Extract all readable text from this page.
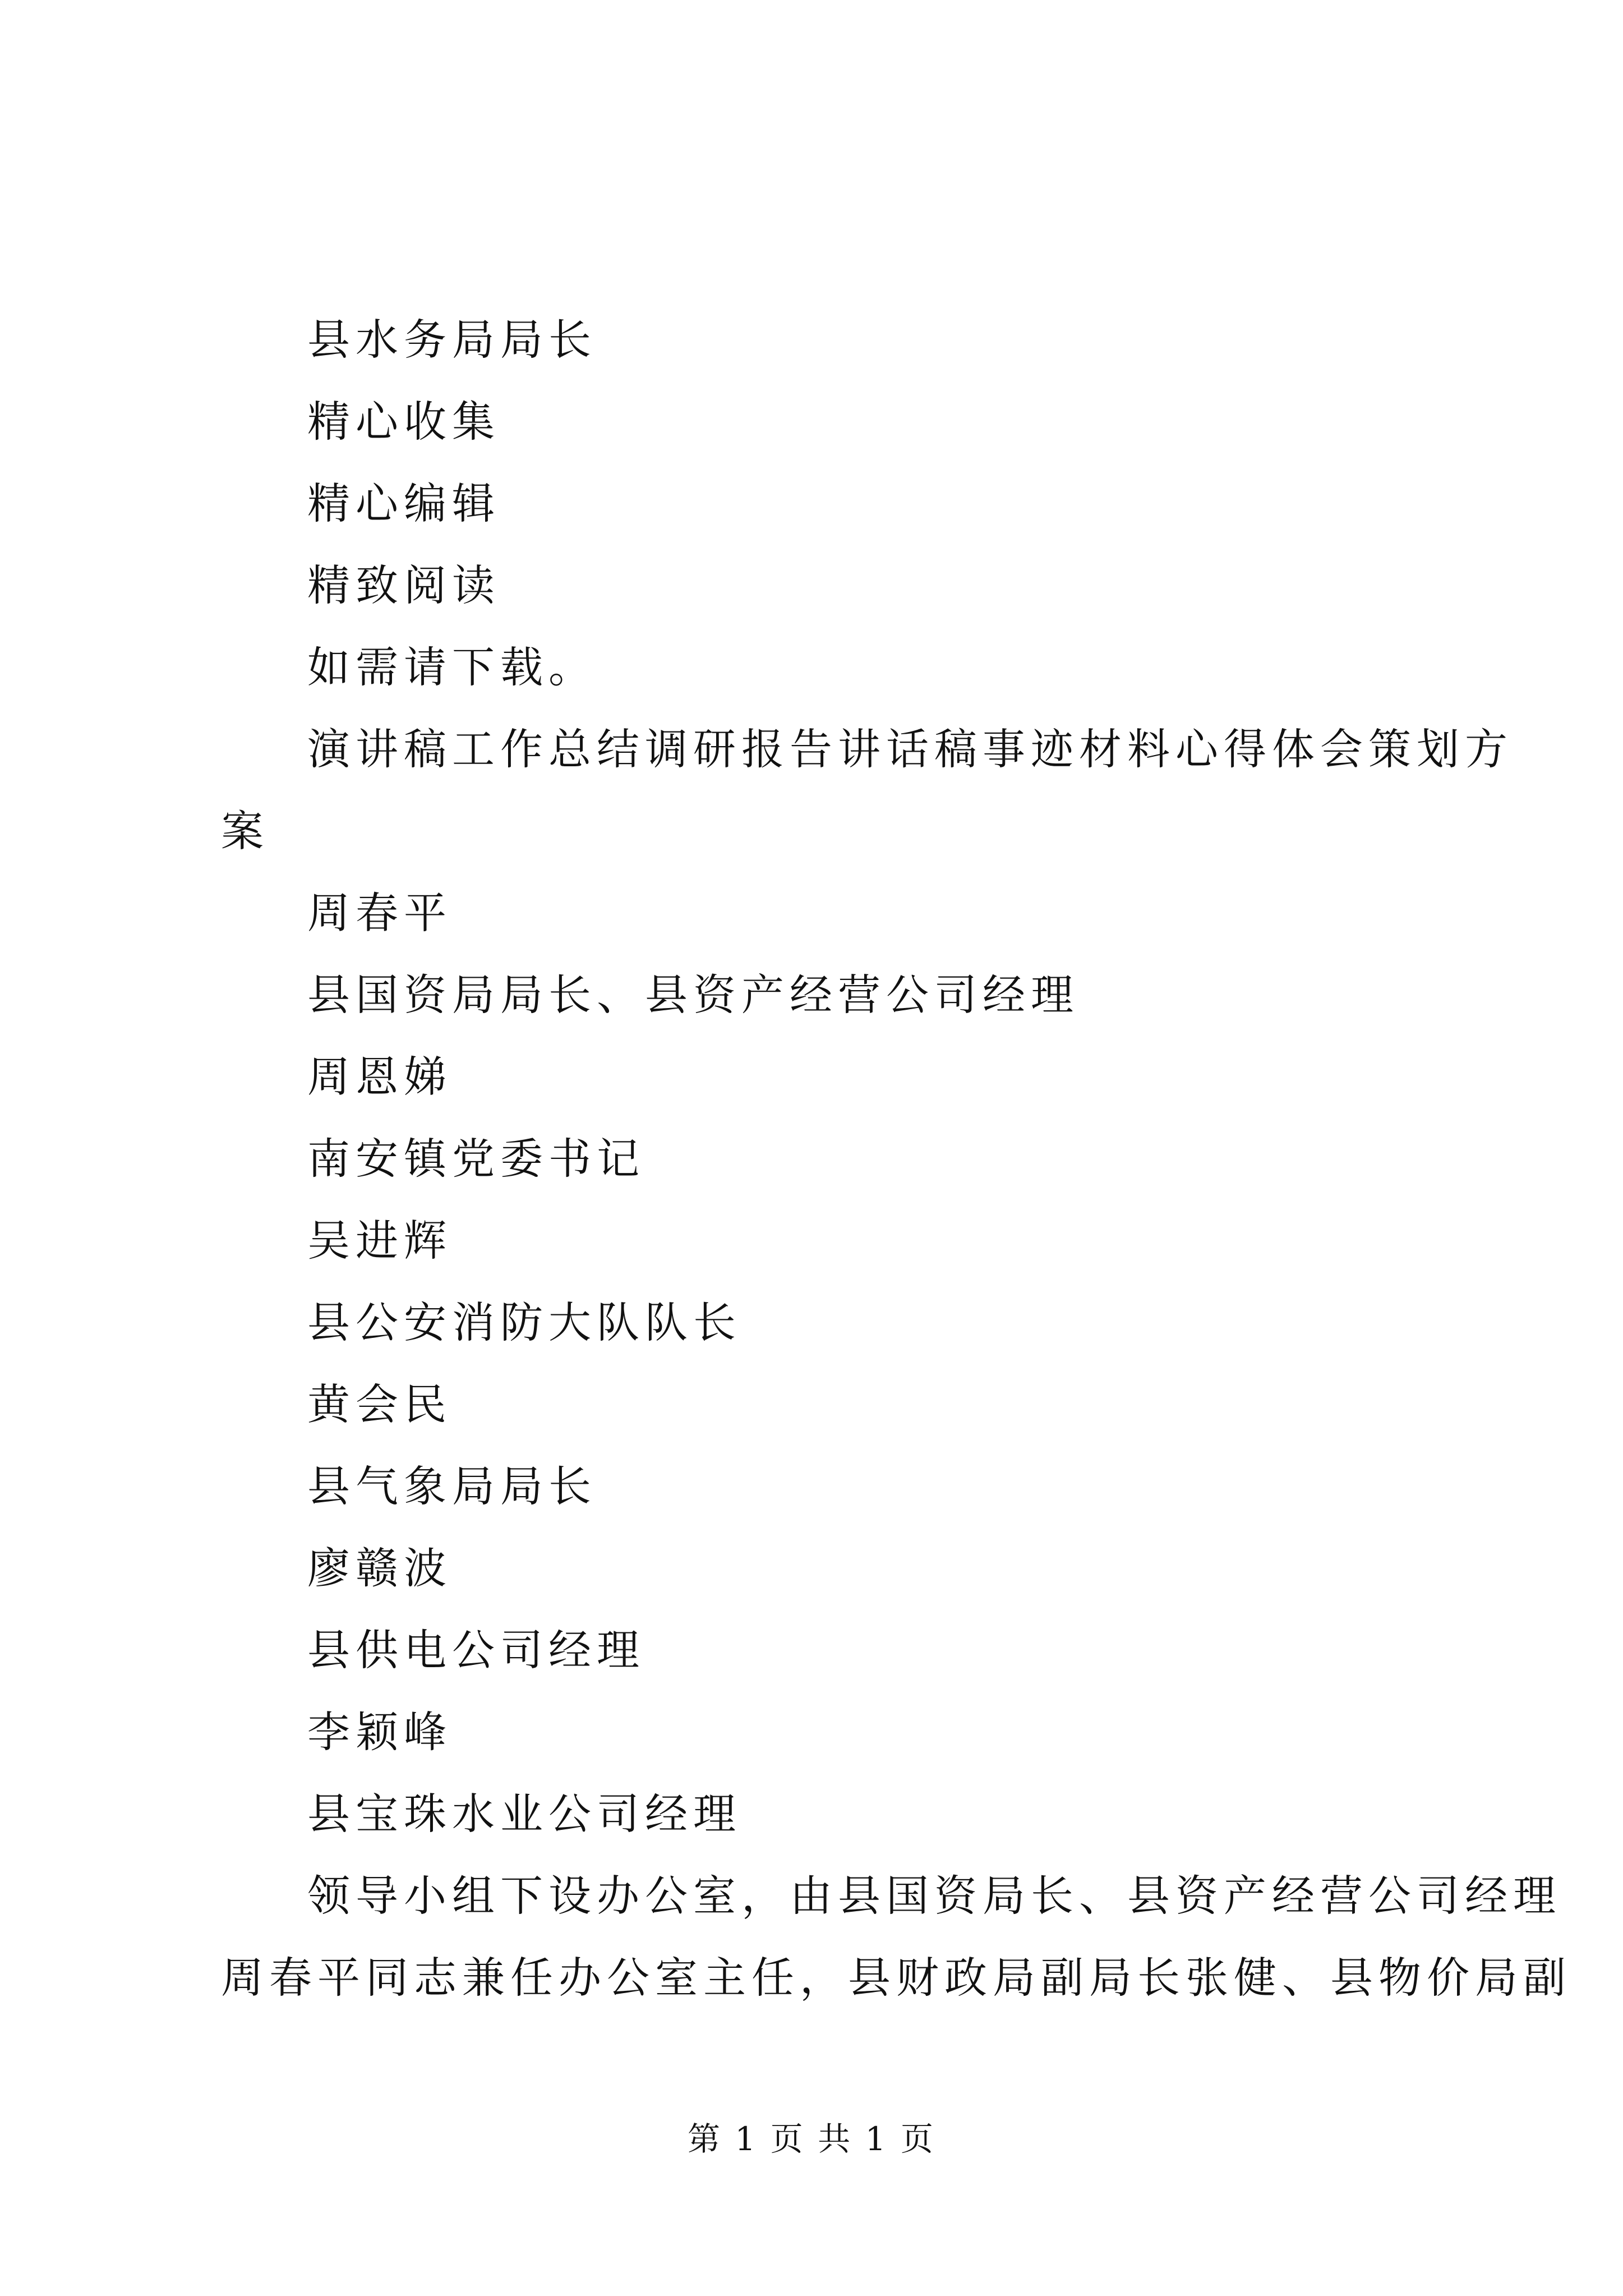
县水务局局长
精心收集
精心编辑
精致阅读
如需请下载。
演讲稿工作总结调研报告讲话稿事迹材料心得体会策划方
案
周春平
县国资局局长、县资产经营公司经理
周恩娣
南安镇党委书记
吴进辉
县公安消防大队队长
黄会民
县气象局局长
廖赣波
县供电公司经理
李颖峰
县宝珠水业公司经理
领导小组下设办公室，由县国资局长、县资产经营公司经理
周春平同志兼任办公室主任，县财政局副局长张健、县物价局副
第 1 页 共 1 页
